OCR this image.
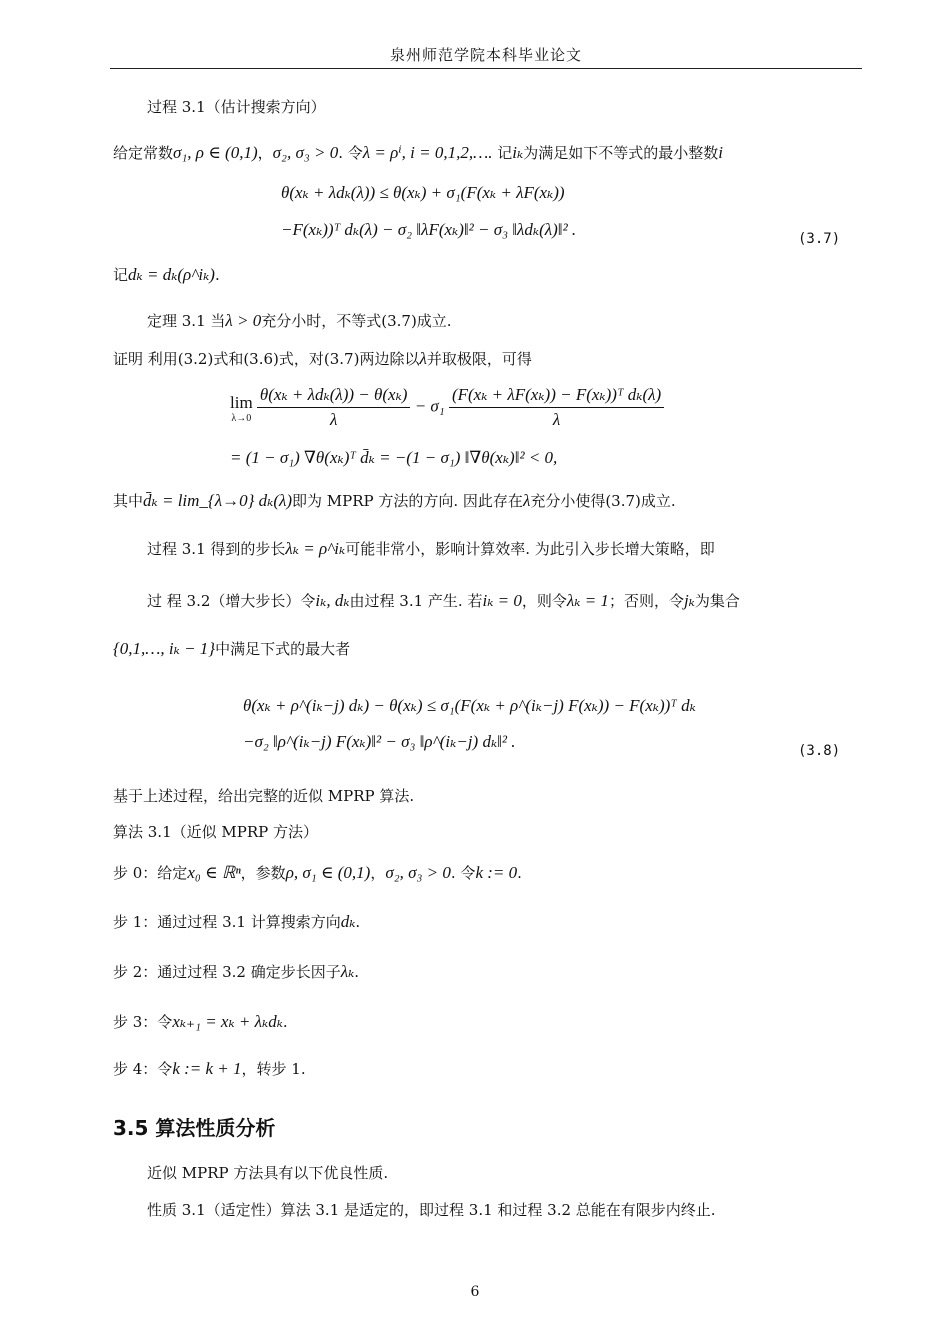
泉州师范学院本科毕业论文
过程 3.1（估计搜索方向）
给定常数σ₁, ρ ∈ (0,1)，σ₂, σ₃ > 0. 令λ = ρⁱ, i = 0,1,2,…. 记iₖ为满足如下不等式的最小整数i
θ(xₖ + λdₖ(λ)) ≤ θ(xₖ) + σ₁(F(xₖ + λF(xₖ))
−F(xₖ))ᵀ dₖ(λ) − σ₂ ‖λF(xₖ)‖² − σ₃ ‖λdₖ(λ)‖² .	(3.7)
记dₖ = dₖ(ρ^iₖ).
定理 3.1 当λ > 0充分小时，不等式(3.7)成立.
证明 利用(3.2)式和(3.6)式，对(3.7)两边除以λ并取极限，可得
lim
λ→0
$\frac{\text{θ(xₖ + λdₖ(λ)) − θ(xₖ)}}{\lambda} - \sigma_1 \frac{\text{(F(xₖ + λF(xₖ)) − F(xₖ))ᵀ dₖ(λ)}}{\lambda}$
= (1 − σ₁) ∇θ(xₖ)ᵀ d̄ₖ = −(1 − σ₁) ‖∇θ(xₖ)‖² < 0,
其中d̄ₖ = lim_{λ→0} dₖ(λ)即为 MPRP 方法的方向. 因此存在λ充分小使得(3.7)成立.
过程 3.1 得到的步长λₖ = ρ^iₖ可能非常小，影响计算效率. 为此引入步长增大策略，即
过 程 3.2（增大步长）令iₖ, dₖ由过程 3.1 产生. 若iₖ = 0，则令λₖ = 1；否则，令jₖ为集合
{0,1,…, iₖ − 1}中满足下式的最大者
θ(xₖ + ρ^(iₖ−j) dₖ) − θ(xₖ) ≤ σ₁(F(xₖ + ρ^(iₖ−j) F(xₖ)) − F(xₖ))ᵀ dₖ
−σ₂ ‖ρ^(iₖ−j) F(xₖ)‖² − σ₃ ‖ρ^(iₖ−j) dₖ‖² .	(3.8)
基于上述过程，给出完整的近似 MPRP 算法.
算法 3.1（近似 MPRP 方法）
步 0：给定x₀ ∈ ℝⁿ，参数ρ, σ₁ ∈ (0,1)，σ₂, σ₃ > 0. 令k := 0.
步 1：通过过程 3.1 计算搜索方向dₖ.
步 2：通过过程 3.2 确定步长因子λₖ.
步 3：令xₖ₊₁ = xₖ + λₖdₖ.
步 4：令k := k + 1，转步 1.
3.5 算法性质分析
近似 MPRP 方法具有以下优良性质.
性质 3.1（适定性）算法 3.1 是适定的，即过程 3.1 和过程 3.2 总能在有限步内终止.
6
